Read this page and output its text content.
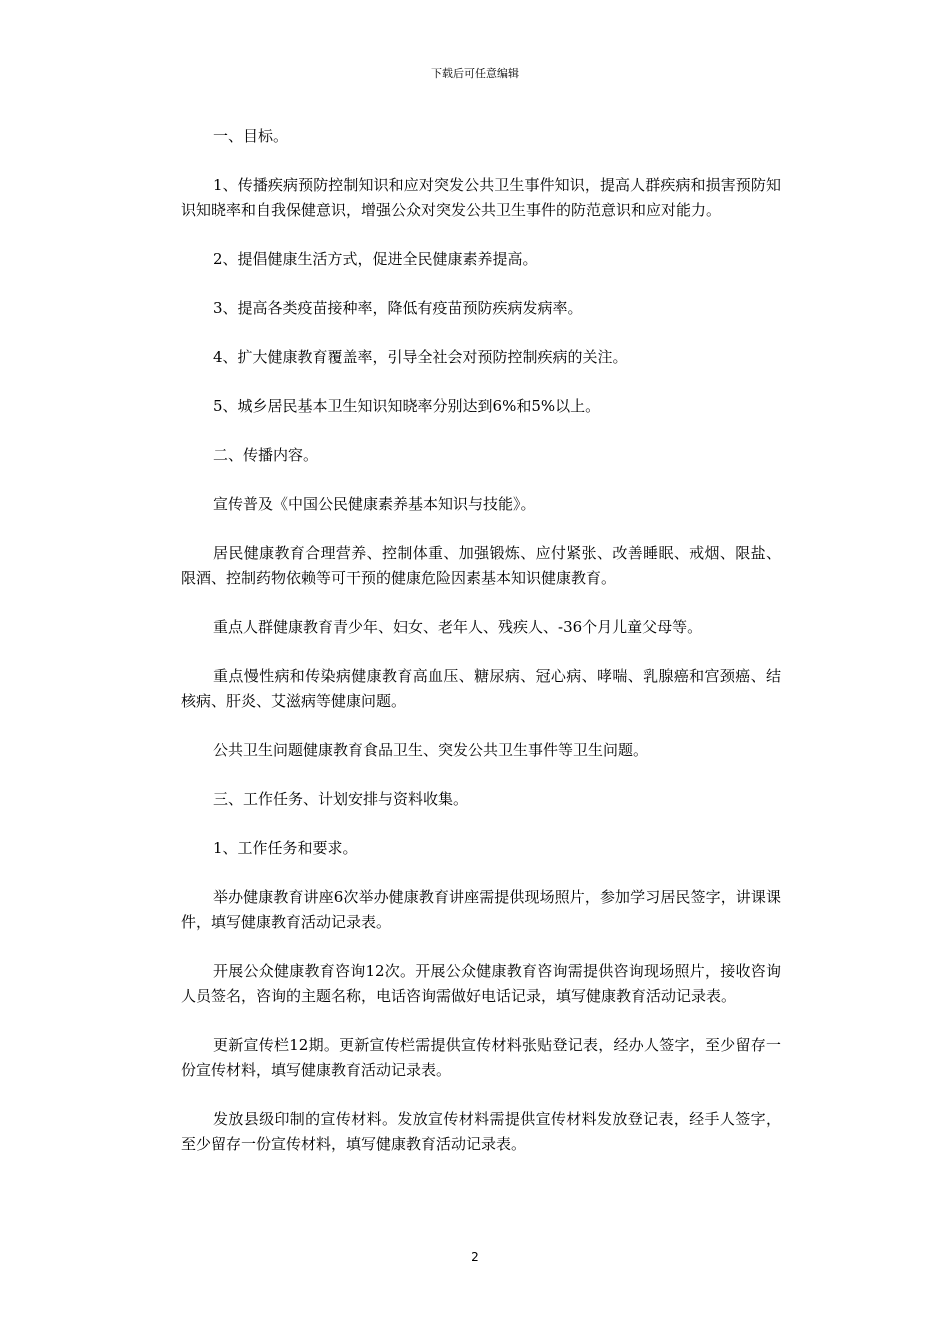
下载后可任意编辑

一、目标。

1、传播疾病预防控制知识和应对突发公共卫生事件知识，提高人群疾病和损害预防知识知晓率和自我保健意识，增强公众对突发公共卫生事件的防范意识和应对能力。

2、提倡健康生活方式，促进全民健康素养提高。

3、提高各类疫苗接种率，降低有疫苗预防疾病发病率。

4、扩大健康教育覆盖率，引导全社会对预防控制疾病的关注。

5、城乡居民基本卫生知识知晓率分别达到6%和5%以上。

二、传播内容。

宣传普及《中国公民健康素养基本知识与技能》。

居民健康教育合理营养、控制体重、加强锻炼、应付紧张、改善睡眠、戒烟、限盐、限酒、控制药物依赖等可干预的健康危险因素基本知识健康教育。

重点人群健康教育青少年、妇女、老年人、残疾人、-36个月儿童父母等。

重点慢性病和传染病健康教育高血压、糖尿病、冠心病、哮喘、乳腺癌和宫颈癌、结核病、肝炎、艾滋病等健康问题。

公共卫生问题健康教育食品卫生、突发公共卫生事件等卫生问题。

三、工作任务、计划安排与资料收集。

1、工作任务和要求。

举办健康教育讲座6次举办健康教育讲座需提供现场照片，参加学习居民签字，讲课课件，填写健康教育活动记录表。

开展公众健康教育咨询12次。开展公众健康教育咨询需提供咨询现场照片，接收咨询人员签名，咨询的主题名称，电话咨询需做好电话记录，填写健康教育活动记录表。

更新宣传栏12期。更新宣传栏需提供宣传材料张贴登记表，经办人签字，至少留存一份宣传材料，填写健康教育活动记录表。

发放县级印制的宣传材料。发放宣传材料需提供宣传材料发放登记表，经手人签字，至少留存一份宣传材料，填写健康教育活动记录表。

2
